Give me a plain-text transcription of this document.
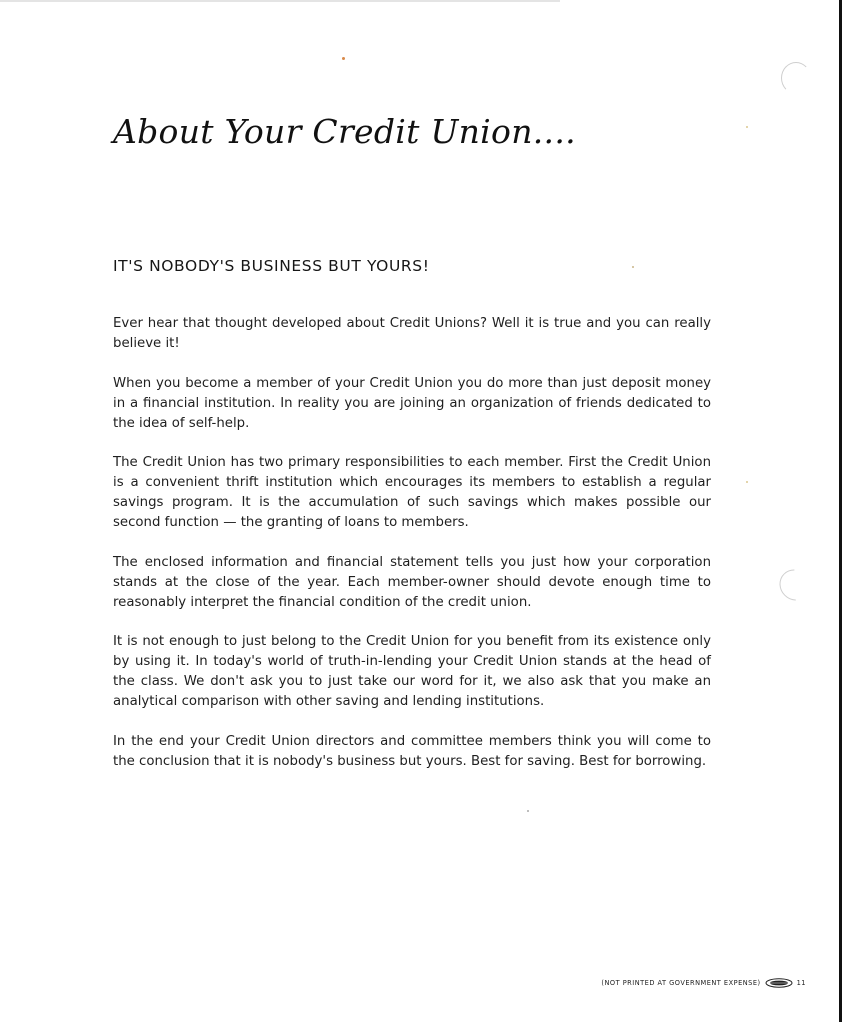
About Your Credit Union....
IT'S NOBODY'S BUSINESS BUT YOURS!

Ever hear that thought developed about Credit Unions? Well it is true and you can really believe it!

When you become a member of your Credit Union you do more than just deposit money in a financial institution. In reality you are joining an organization of friends dedicated to the idea of self-help.

The Credit Union has two primary responsibilities to each member. First the Credit Union is a convenient thrift institution which encourages its members to establish a regular savings program. It is the accumulation of such savings which makes possible our second function — the granting of loans to members.

The enclosed information and financial statement tells you just how your corporation stands at the close of the year. Each member-owner should devote enough time to reasonably interpret the financial condition of the credit union.

It is not enough to just belong to the Credit Union for you benefit from its existence only by using it. In today's world of truth-in-lending your Credit Union stands at the head of the class. We don't ask you to just take our word for it, we also ask that you make an analytical comparison with other saving and lending institutions.

In the end your Credit Union directors and committee members think you will come to the conclusion that it is nobody's business but yours. Best for saving. Best for borrowing.

(NOT PRINTED AT GOVERNMENT EXPENSE)	11
